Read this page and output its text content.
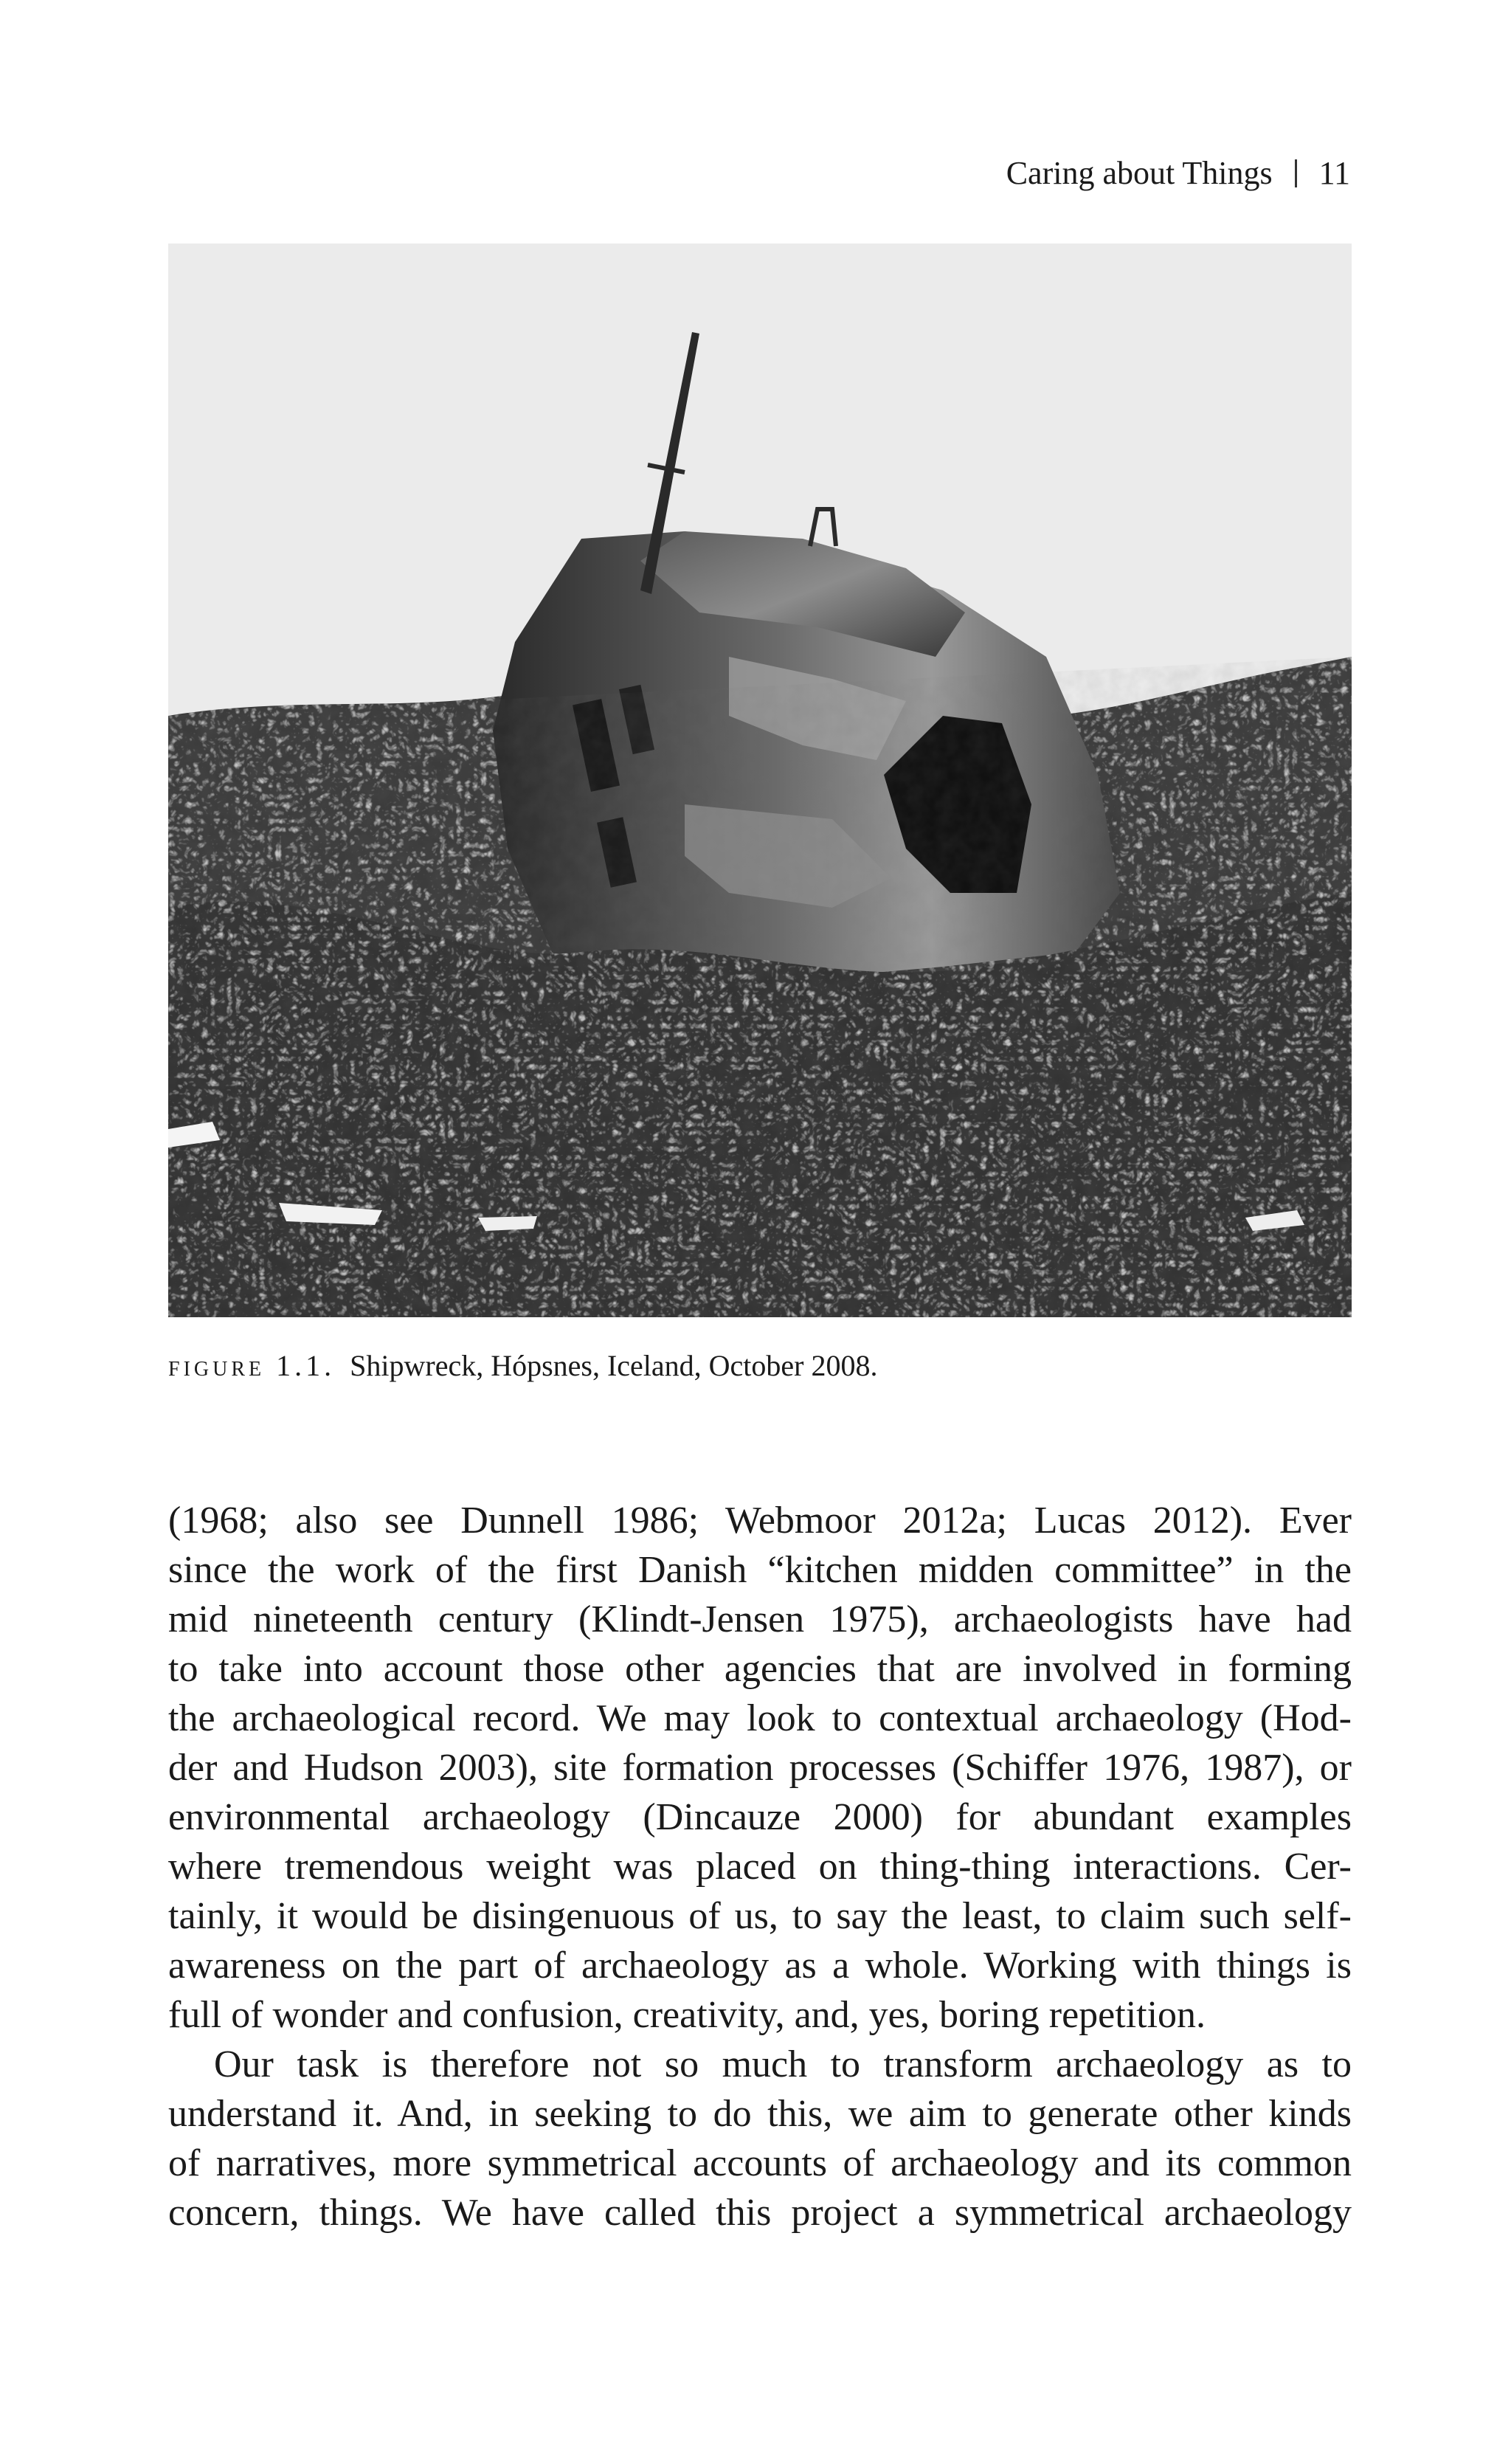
Caring about Things 11
figure 1.1. Shipwreck, Hópsnes, Iceland, October 2008.
(1968; also see Dunnell 1986; Webmoor 2012a; Lucas 2012). Ever
since the work of the first Danish “kitchen midden committee” in the
mid nineteenth century (Klindt-Jensen 1975), archaeologists have had
to take into account those other agencies that are involved in forming
the archaeological record. We may look to contextual archaeology (Hod-
der and Hudson 2003), site formation processes (Schiffer 1976, 1987), or
environmental archaeology (Dincauze 2000) for abundant examples
where tremendous weight was placed on thing-thing interactions. Cer-
tainly, it would be disingenuous of us, to say the least, to claim such self-
awareness on the part of archaeology as a whole. Working with things is
full of wonder and confusion, creativity, and, yes, boring repetition.
Our task is therefore not so much to transform archaeology as to
understand it. And, in seeking to do this, we aim to generate other kinds
of narratives, more symmetrical accounts of archaeology and its common
concern, things. We have called this project a symmetrical archaeology
